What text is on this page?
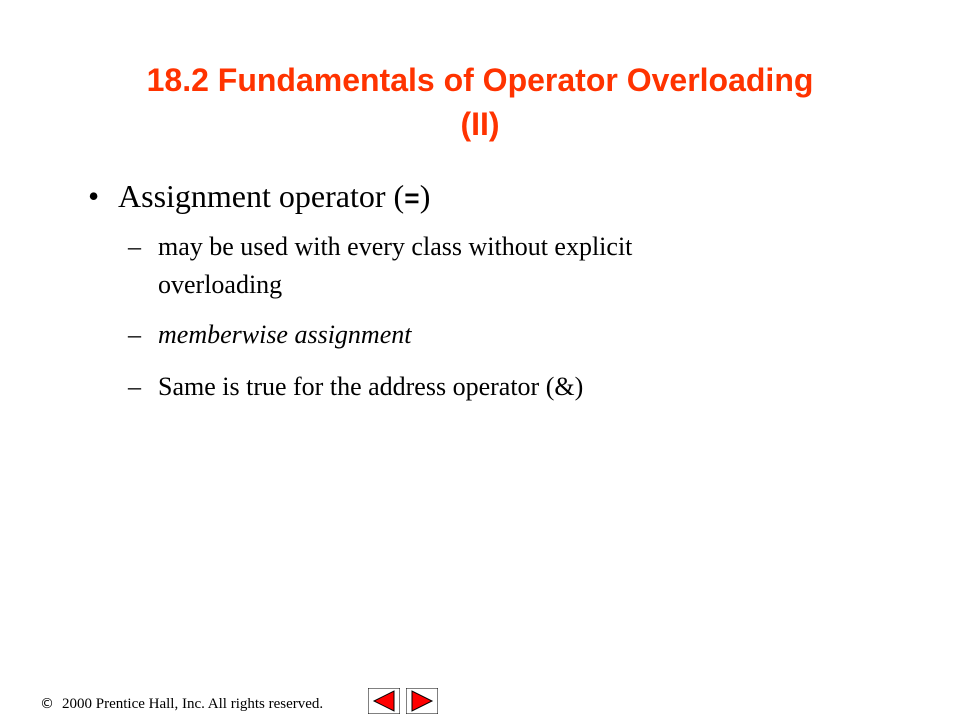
18.2 Fundamentals of Operator Overloading
(II)
• Assignment operator (=)
– may be used with every class without explicit
overloading
– memberwise assignment
– Same is true for the address operator (&)
© 2000 Prentice Hall, Inc. All rights reserved.
